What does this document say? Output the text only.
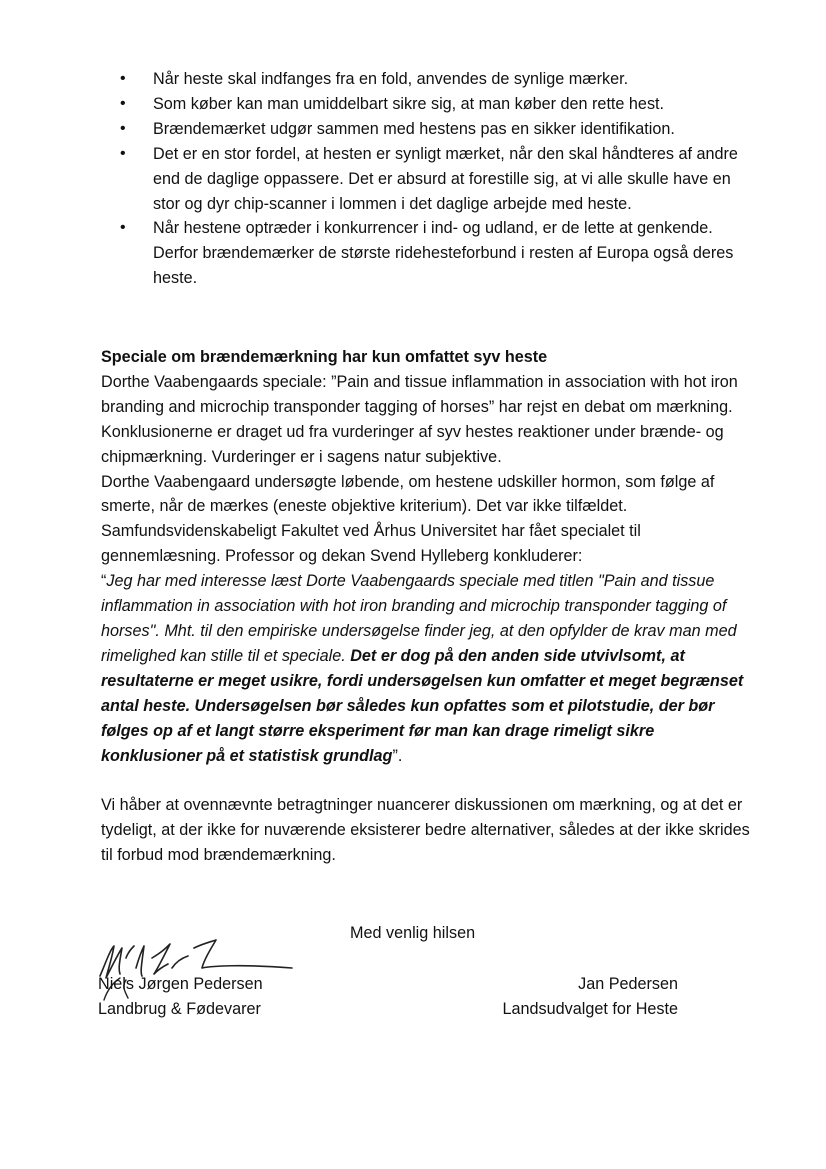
• Når heste skal indfanges fra en fold, anvendes de synlige mærker.
• Som køber kan man umiddelbart sikre sig, at man køber den rette hest.
• Brændemærket udgør sammen med hestens pas en sikker identifikation.
• Det er en stor fordel, at hesten er synligt mærket, når den skal håndteres af andre end de daglige oppassere. Det er absurd at forestille sig, at vi alle skulle have en stor og dyr chip-scanner i lommen i det daglige arbejde med heste.
• Når hestene optræder i konkurrencer i ind- og udland, er de lette at genkende. Derfor brændemærker de største ridehesteforbund i resten af Europa også deres heste.
Speciale om brændemærkning har kun omfattet syv heste
Dorthe Vaabengaards speciale: ”Pain and tissue inflammation in association with hot iron branding and microchip transponder tagging of horses” har rejst en debat om mærkning. Konklusionerne er draget ud fra vurderinger af syv hestes reaktioner under brænde- og chipmærkning. Vurderinger er i sagens natur subjektive.
Dorthe Vaabengaard undersøgte løbende, om hestene udskiller hormon, som følge af smerte, når de mærkes (eneste objektive kriterium). Det var ikke tilfældet.
Samfundsvidenskabeligt Fakultet ved Århus Universitet har fået specialet til gennemlæsning. Professor og dekan Svend Hylleberg konkluderer:
“Jeg har med interesse læst Dorte Vaabengaards speciale med titlen "Pain and tissue inflammation in association with hot iron branding and microchip transponder tagging of horses". Mht. til den empiriske undersøgelse finder jeg, at den opfylder de krav man med rimelighed kan stille til et speciale. Det er dog på den anden side utvivlsomt, at resultaterne er meget usikre, fordi undersøgelsen kun omfatter et meget begrænset antal heste. Undersøgelsen bør således kun opfattes som et pilotstudie, der bør følges op af et langt større eksperiment før man kan drage rimeligt sikre konklusioner på et statistisk grundlag”.
Vi håber at ovennævnte betragtninger nuancerer diskussionen om mærkning, og at det er tydeligt, at der ikke for nuværende eksisterer bedre alternativer, således at der ikke skrides til forbud mod brændemærkning.
Med venlig hilsen
Niels Jørgen Pedersen
Landbrug & Fødevarer
Jan Pedersen
Landsudvalget for Heste
